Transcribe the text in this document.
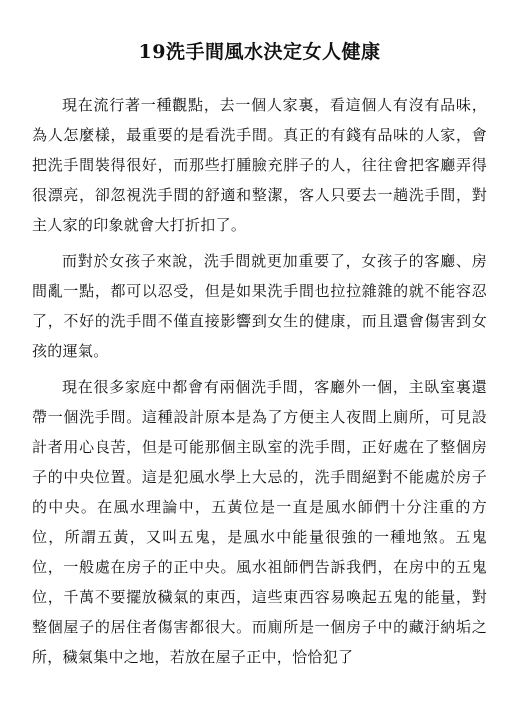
19洗手間風水決定女人健康

現在流行著一種觀點，去一個人家裏，看這個人有沒有品味，為人怎麼樣，最重要的是看洗手間。真正的有錢有品味的人家，會把洗手間裝得很好，而那些打腫臉充胖子的人，往往會把客廳弄得很漂亮，卻忽視洗手間的舒適和整潔，客人只要去一趟洗手間，對主人家的印象就會大打折扣了。

而對於女孩子來說，洗手間就更加重要了，女孩子的客廳、房間亂一點，都可以忍受，但是如果洗手間也拉拉雜雜的就不能容忍了，不好的洗手間不僅直接影響到女生的健康，而且還會傷害到女孩的運氣。

現在很多家庭中都會有兩個洗手間，客廳外一個，主臥室裏還帶一個洗手間。這種設計原本是為了方便主人夜間上廁所，可見設計者用心良苦，但是可能那個主臥室的洗手間，正好處在了整個房子的中央位置。這是犯風水學上大忌的，洗手間絕對不能處於房子的中央。在風水理論中，五黃位是一直是風水師們十分注重的方位，所謂五黃，又叫五鬼，是風水中能量很強的一種地煞。五鬼位，一般處在房子的正中央。風水祖師們告訴我們，在房中的五鬼位，千萬不要擺放穢氣的東西，這些東西容易喚起五鬼的能量，對整個屋子的居住者傷害都很大。而廁所是一個房子中的藏汙納垢之所，穢氣集中之地，若放在屋子正中，恰恰犯了
